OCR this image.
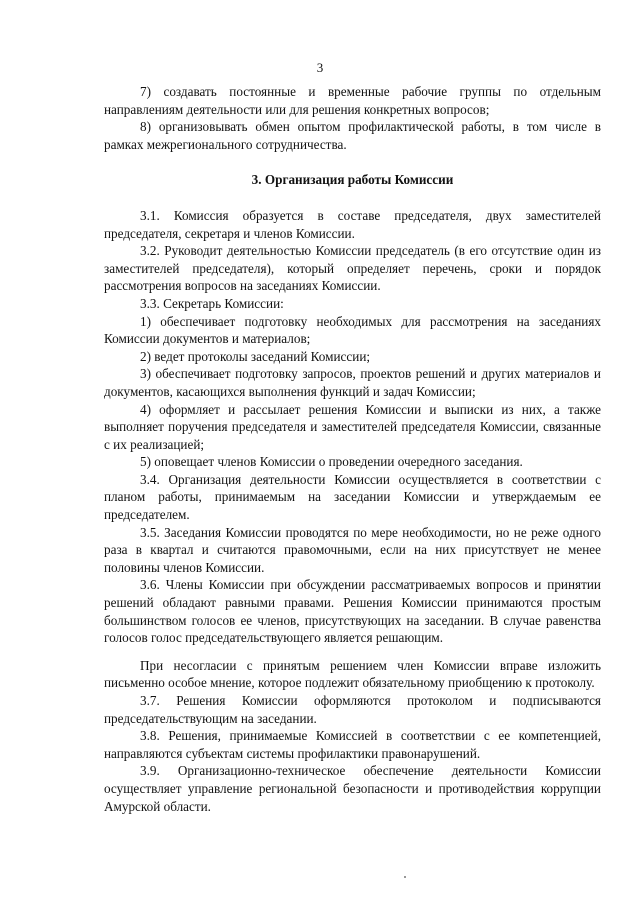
3

7) создавать постоянные и временные рабочие группы по отдельным направлениям деятельности или для решения конкретных вопросов;

8) организовывать обмен опытом профилактической работы, в том числе в рамках межрегионального сотрудничества.

3. Организация работы Комиссии

3.1. Комиссия образуется в составе председателя, двух заместителей председателя, секретаря и членов Комиссии.

3.2. Руководит деятельностью Комиссии председатель (в его отсутствие один из заместителей председателя), который определяет перечень, сроки и порядок рассмотрения вопросов на заседаниях Комиссии.

3.3. Секретарь Комиссии:

1) обеспечивает подготовку необходимых для рассмотрения на заседаниях Комиссии документов и материалов;

2) ведет протоколы заседаний Комиссии;

3) обеспечивает подготовку запросов, проектов решений и других материалов и документов, касающихся выполнения функций и задач Комиссии;

4) оформляет и рассылает решения Комиссии и выписки из них, а также выполняет поручения председателя и заместителей председателя Комиссии, связанные с их реализацией;

5) оповещает членов Комиссии о проведении очередного заседания.

3.4. Организация деятельности Комиссии осуществляется в соответствии с планом работы, принимаемым на заседании Комиссии и утверждаемым ее председателем.

3.5. Заседания Комиссии проводятся по мере необходимости, но не реже одного раза в квартал и считаются правомочными, если на них присутствует не менее половины членов Комиссии.

3.6. Члены Комиссии при обсуждении рассматриваемых вопросов и принятии решений обладают равными правами. Решения Комиссии принимаются простым большинством голосов ее членов, присутствующих на заседании. В случае равенства голосов голос председательствующего является решающим.

При несогласии с принятым решением член Комиссии вправе изложить письменно особое мнение, которое подлежит обязательному приобщению к протоколу.

3.7. Решения Комиссии оформляются протоколом и подписываются председательствующим на заседании.

3.8. Решения, принимаемые Комиссией в соответствии с ее компетенцией, направляются субъектам системы профилактики правонарушений.

3.9. Организационно-техническое обеспечение деятельности Комиссии осуществляет управление региональной безопасности и противодействия коррупции Амурской области.
